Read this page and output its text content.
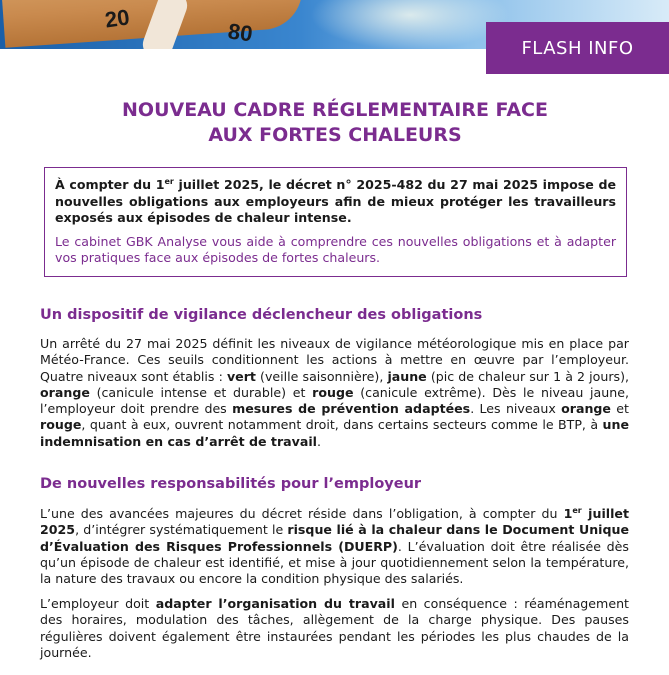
20	80
FLASH INFO
NOUVEAU CADRE RÉGLEMENTAIRE FACE
AUX FORTES CHALEURS

À compter du 1er juillet 2025, le décret n° 2025-482 du 27 mai 2025 impose de nouvelles obligations aux employeurs afin de mieux protéger les travailleurs exposés aux épisodes de chaleur intense.

Le cabinet GBK Analyse vous aide à comprendre ces nouvelles obligations et à adapter vos pratiques face aux épisodes de fortes chaleurs.

Un dispositif de vigilance déclencheur des obligations

Un arrêté du 27 mai 2025 définit les niveaux de vigilance météorologique mis en place par Météo-France. Ces seuils conditionnent les actions à mettre en œuvre par l’employeur. Quatre niveaux sont établis : vert (veille saisonnière), jaune (pic de chaleur sur 1 à 2 jours), orange (canicule intense et durable) et rouge (canicule extrême). Dès le niveau jaune, l’employeur doit prendre des mesures de prévention adaptées. Les niveaux orange et rouge, quant à eux, ouvrent notamment droit, dans certains secteurs comme le BTP, à une indemnisation en cas d’arrêt de travail.

De nouvelles responsabilités pour l’employeur

L’une des avancées majeures du décret réside dans l’obligation, à compter du 1er juillet 2025, d’intégrer systématiquement le risque lié à la chaleur dans le Document Unique d’Évaluation des Risques Professionnels (DUERP). L’évaluation doit être réalisée dès qu’un épisode de chaleur est identifié, et mise à jour quotidiennement selon la température, la nature des travaux ou encore la condition physique des salariés.

L’employeur doit adapter l’organisation du travail en conséquence : réaménagement des horaires, modulation des tâches, allègement de la charge physique. Des pauses régulières doivent également être instaurées pendant les périodes les plus chaudes de la journée.
